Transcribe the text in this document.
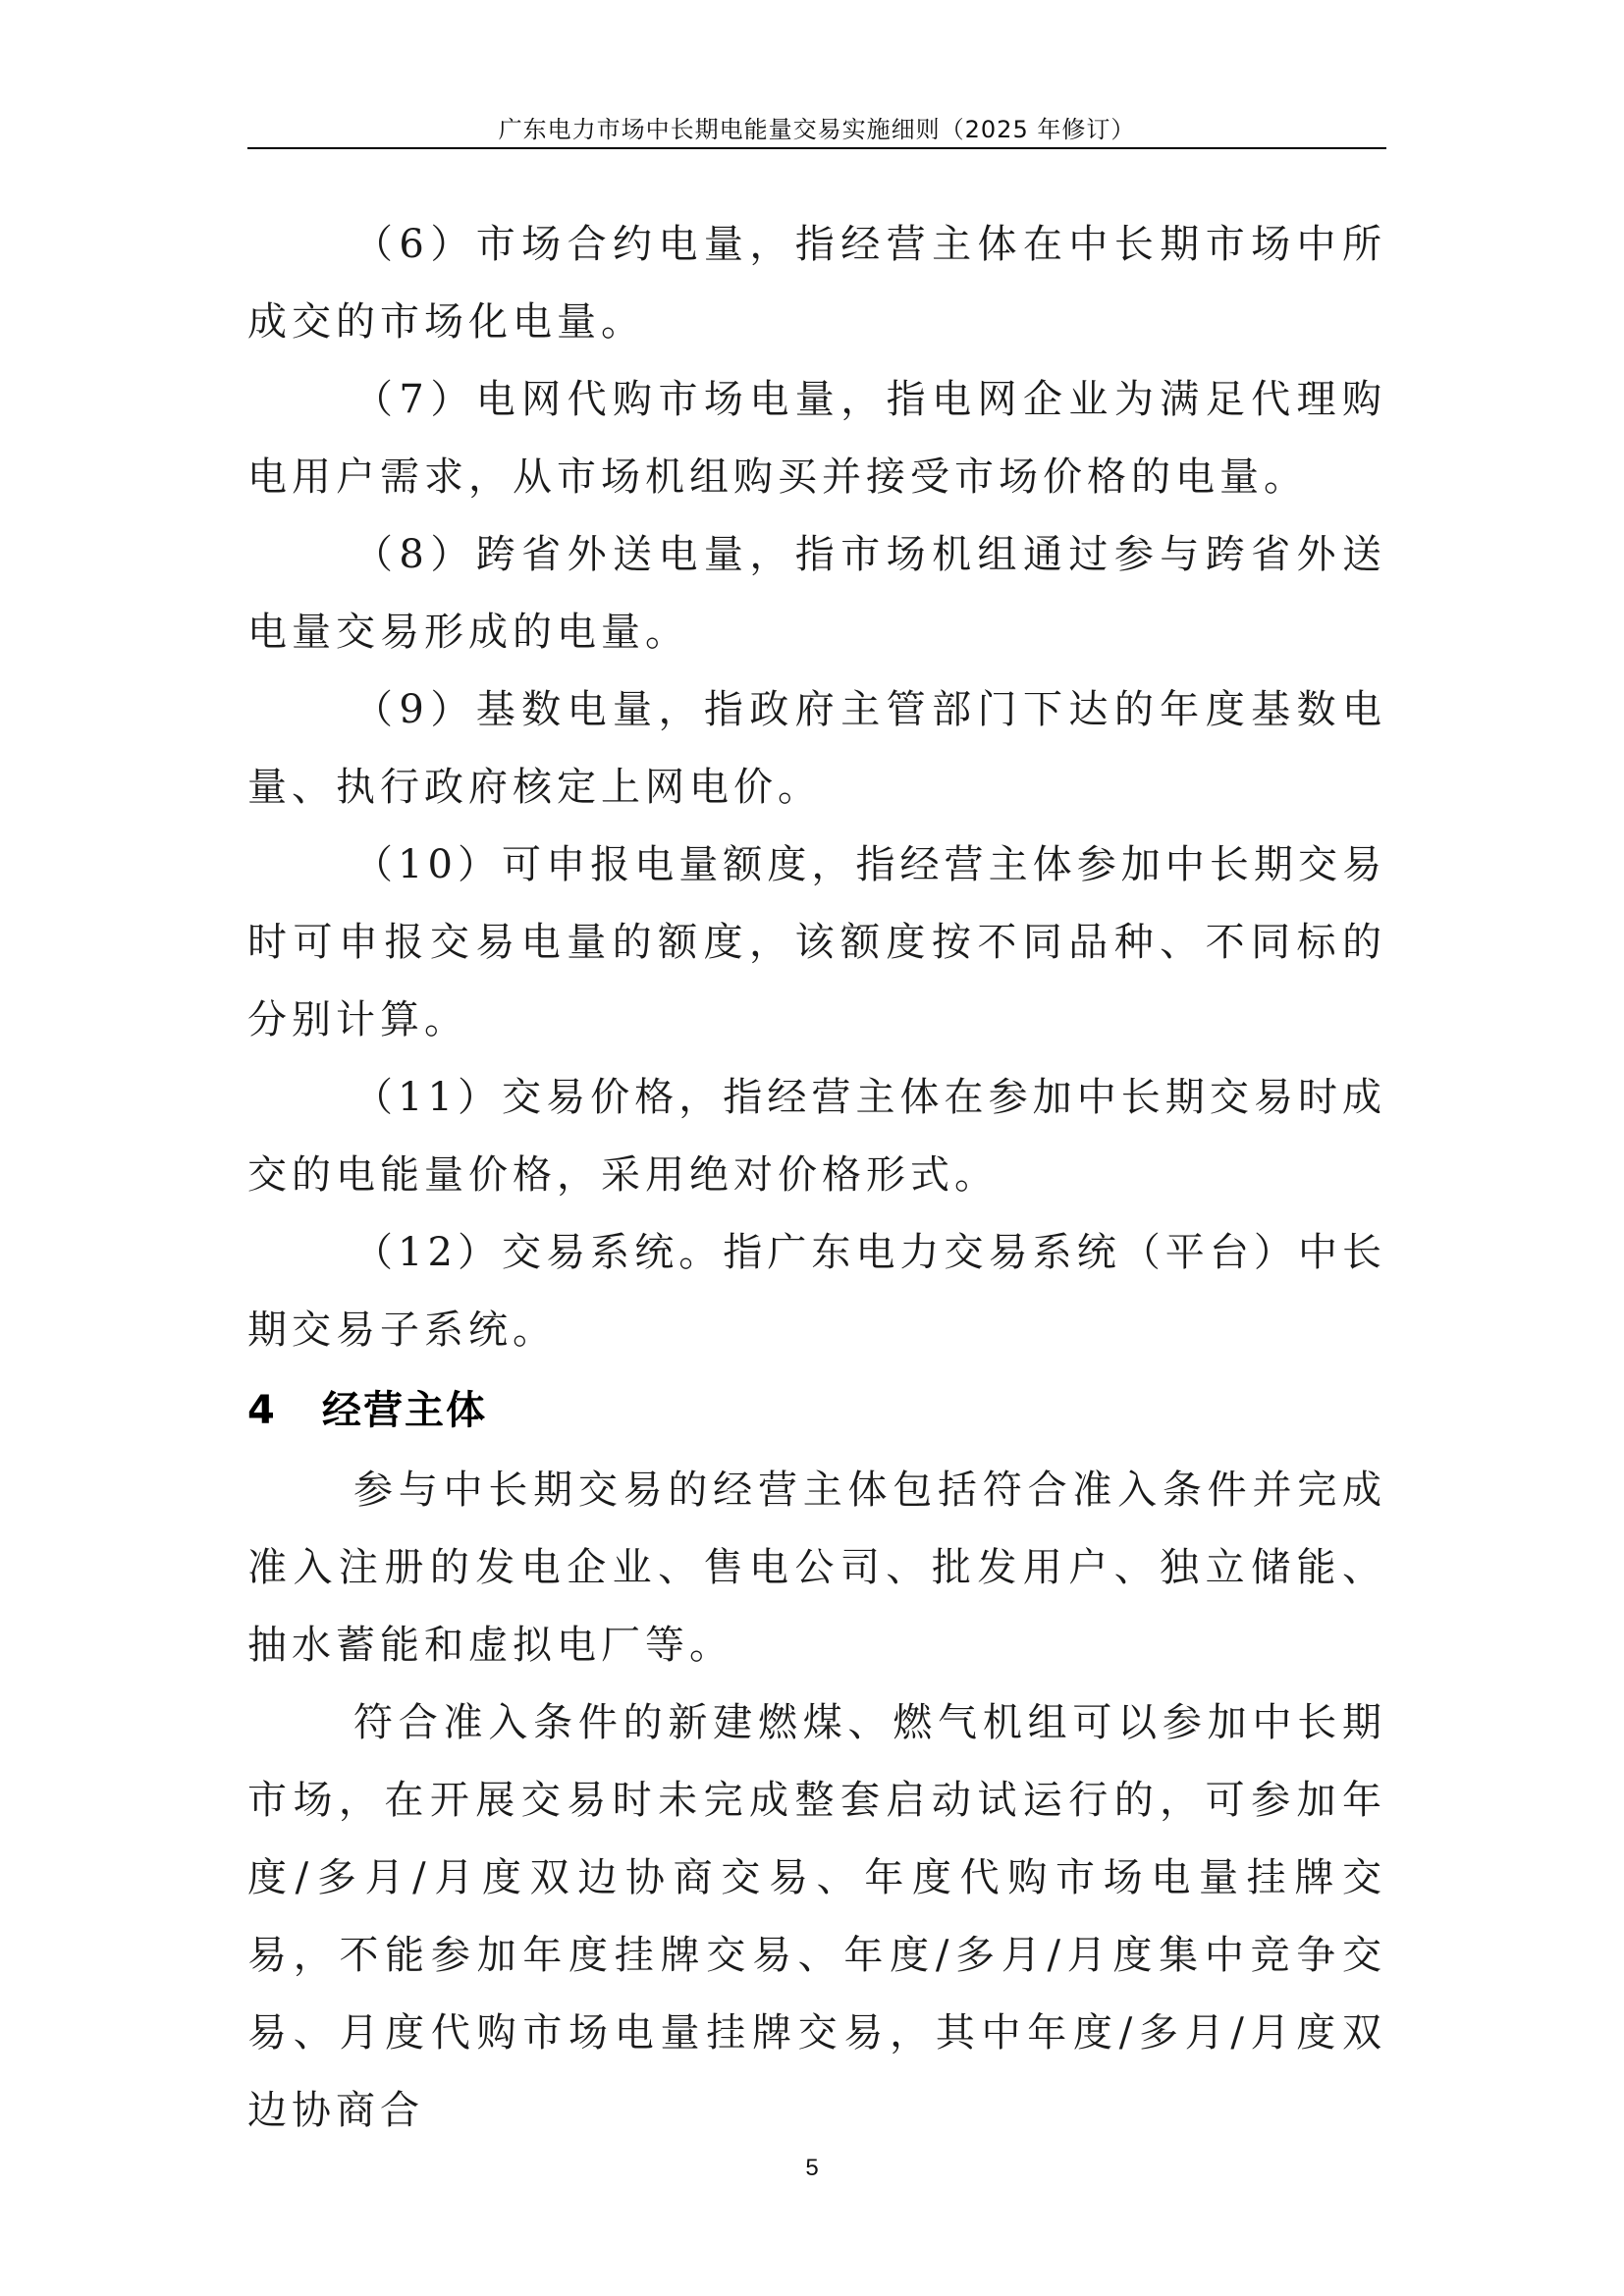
广东电力市场中长期电能量交易实施细则（2025 年修订）

（6）市场合约电量，指经营主体在中长期市场中所成交的市场化电量。

（7）电网代购市场电量，指电网企业为满足代理购电用户需求，从市场机组购买并接受市场价格的电量。

（8）跨省外送电量，指市场机组通过参与跨省外送电量交易形成的电量。

（9）基数电量，指政府主管部门下达的年度基数电量、执行政府核定上网电价。

（10）可申报电量额度，指经营主体参加中长期交易时可申报交易电量的额度，该额度按不同品种、不同标的分别计算。

（11）交易价格，指经营主体在参加中长期交易时成交的电能量价格，采用绝对价格形式。

（12）交易系统。指广东电力交易系统（平台）中长期交易子系统。

4 经营主体

参与中长期交易的经营主体包括符合准入条件并完成准入注册的发电企业、售电公司、批发用户、独立储能、抽水蓄能和虚拟电厂等。

符合准入条件的新建燃煤、燃气机组可以参加中长期市场，在开展交易时未完成整套启动试运行的，可参加年度/多月/月度双边协商交易、年度代购市场电量挂牌交易，不能参加年度挂牌交易、年度/多月/月度集中竞争交易、月度代购市场电量挂牌交易，其中年度/多月/月度双边协商合

5
